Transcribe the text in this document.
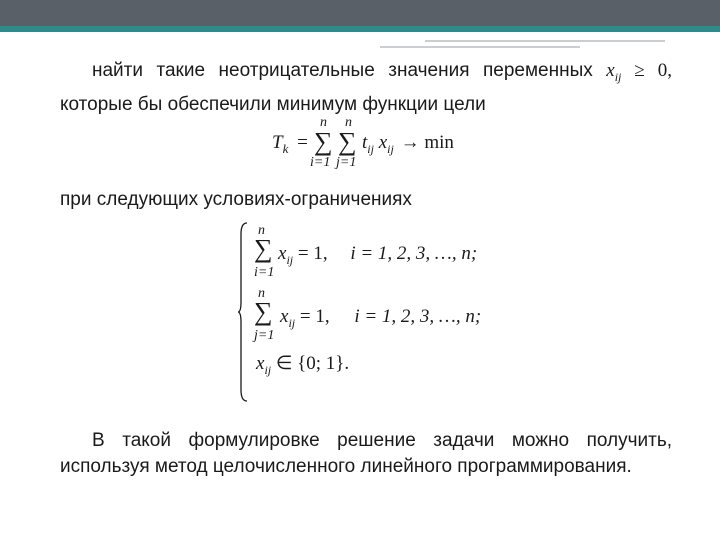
найти такие неотрицательные значения переменных $x_{ij} \ge 0$, которые бы обеспечили минимум функции цели
$T_k$ =
n
∑
i=1
n
∑
j=1
$t_{ij}$ $x_{ij} \to \min$
при следующих условиях-ограничениях
n
∑
i=1
$x_{ij} = 1$, i = 1, 2, 3, …, n;
n
∑
j=1
$x_{ij} = 1$, i = 1, 2, 3, …, n;
$x_{ij}$ ∈ {0; 1}.
В такой формулировке решение задачи можно получить, используя метод целочисленного линейного программирования.
